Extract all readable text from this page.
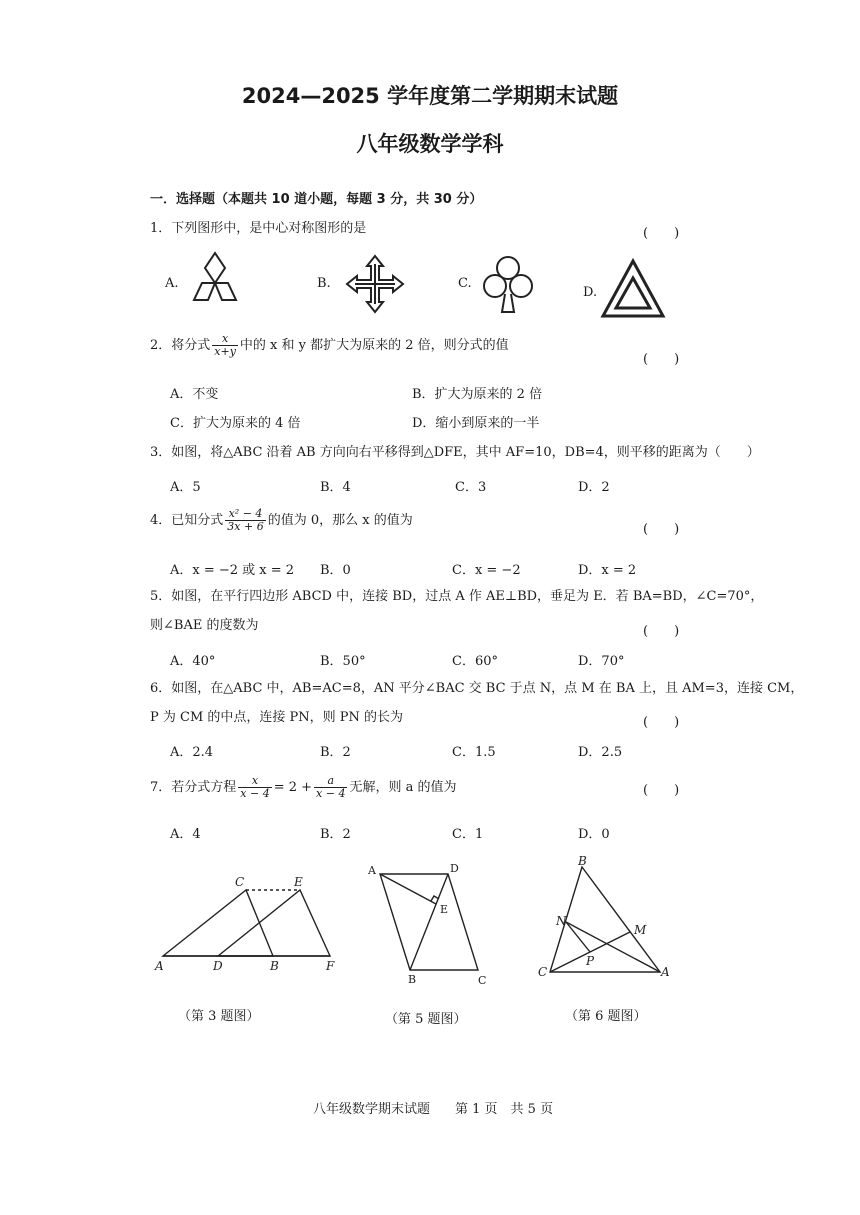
2024—2025 学年度第二学期期末试题
八年级数学学科
一．选择题（本题共 10 道小题，每题 3 分，共 30 分）
1．下列图形中，是中心对称图形的是	(　　)
A.	B.	C.
D.
2．将分式 $\frac{x}{x+y}$ 中的 x 和 y 都扩大为原来的 2 倍，则分式的值
(　　)
A．不变	B．扩大为原来的 2 倍
C．扩大为原来的 4 倍	D．缩小到原来的一半
3．如图，将△ABC 沿着 AB 方向向右平移得到△DFE，其中 AF=10，DB=4，则平移的距离为（　　）
A．5	B．4	C．3	D．2
4．已知分式 $\frac{\text{x² − 4}}{3x + 6}$ 的值为 0，那么 x 的值为
(　　)
A．x = −2 或 x = 2 B．0	C．x = −2	D．x = 2
5．如图，在平行四边形 ABCD 中，连接 BD，过点 A 作 AE⊥BD，垂足为 E．若 BA=BD，∠C=70°，
则∠BAE 的度数为	(　　)
A．40°	B．50°	C．60°	D．70°
6．如图，在△ABC 中，AB=AC=8，AN 平分∠BAC 交 BC 于点 N，点 M 在 BA 上，且 AM=3，连接 CM，
P 为 CM 的中点，连接 PN，则 PN 的长为	(　　)
A．2.4	B．2	C．1.5	D．2.5
7．若分式方程 $\frac{x}{x - 4} = 2 + \frac{a}{x - 4}$ 无解，则 a 的值为	(　　)
A．4	B．2	C．1	D．0
C	E
A	D	B	F
（第 3 题图）
A	D
E
B	C
（第 5 题图）
B
N
M
P
C	A
（第 6 题图）
八年级数学期末试题 第 1 页　共 5 页
